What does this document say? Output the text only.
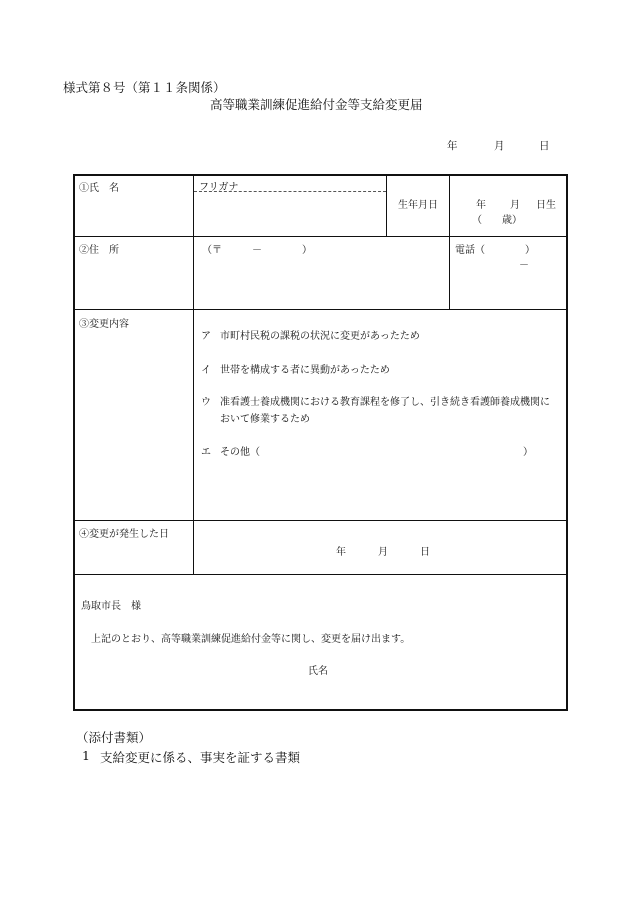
様式第８号（第１１条関係）
高等職業訓練促進給付金等支給変更届
年	月	日
①氏　名	フリガナ
生年月日	年 月 日生
（　　歳）
②住　所	（〒　　　－　　　　）	電話（　　　　）
－
③変更内容
ア 市町村民税の課税の状況に変更があったため
イ 世帯を構成する者に異動があったため
ウ 准看護士養成機関における教育課程を修了し、引き続き看護師養成機関に
おいて修業するため
エ その他（	）
④変更が発生した日
年	月	日
鳥取市長　様
上記のとおり、高等職業訓練促進給付金等に関し、変更を届け出ます。
氏名
（添付書類）
1 支給変更に係る、事実を証する書類
